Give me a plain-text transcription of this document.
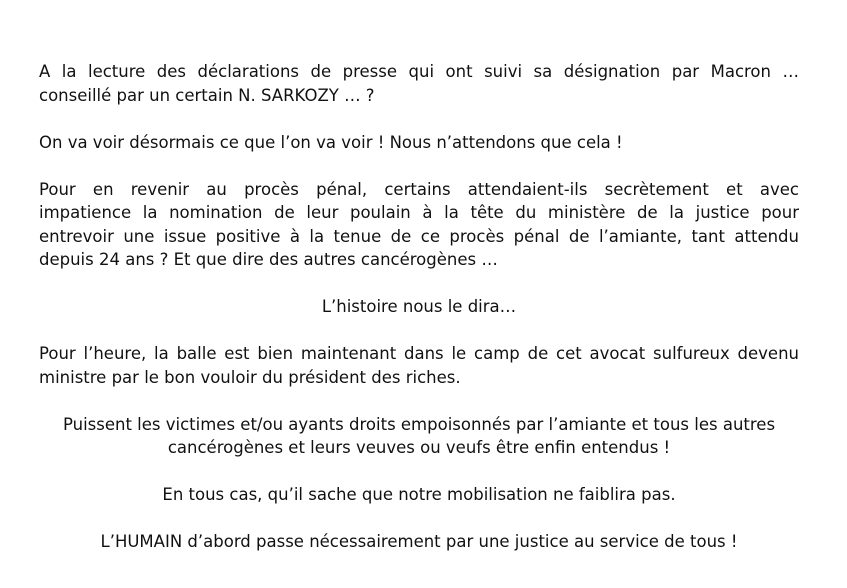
A la lecture des déclarations de presse qui ont suivi sa désignation par Macron …
conseillé par un certain N. SARKOZY … ?
On va voir désormais ce que l’on va voir ! Nous n’attendons que cela !
Pour en revenir au procès pénal, certains attendaient-ils secrètement et avec
impatience la nomination de leur poulain à la tête du ministère de la justice pour
entrevoir une issue positive à la tenue de ce procès pénal de l’amiante, tant attendu
depuis 24 ans ? Et que dire des autres cancérogènes …
L’histoire nous le dira…
Pour l’heure, la balle est bien maintenant dans le camp de cet avocat sulfureux devenu
ministre par le bon vouloir du président des riches.
Puissent les victimes et/ou ayants droits empoisonnés par l’amiante et tous les autres
cancérogènes et leurs veuves ou veufs être enfin entendus !
En tous cas, qu’il sache que notre mobilisation ne faiblira pas.
L’HUMAIN d’abord passe nécessairement par une justice au service de tous !
